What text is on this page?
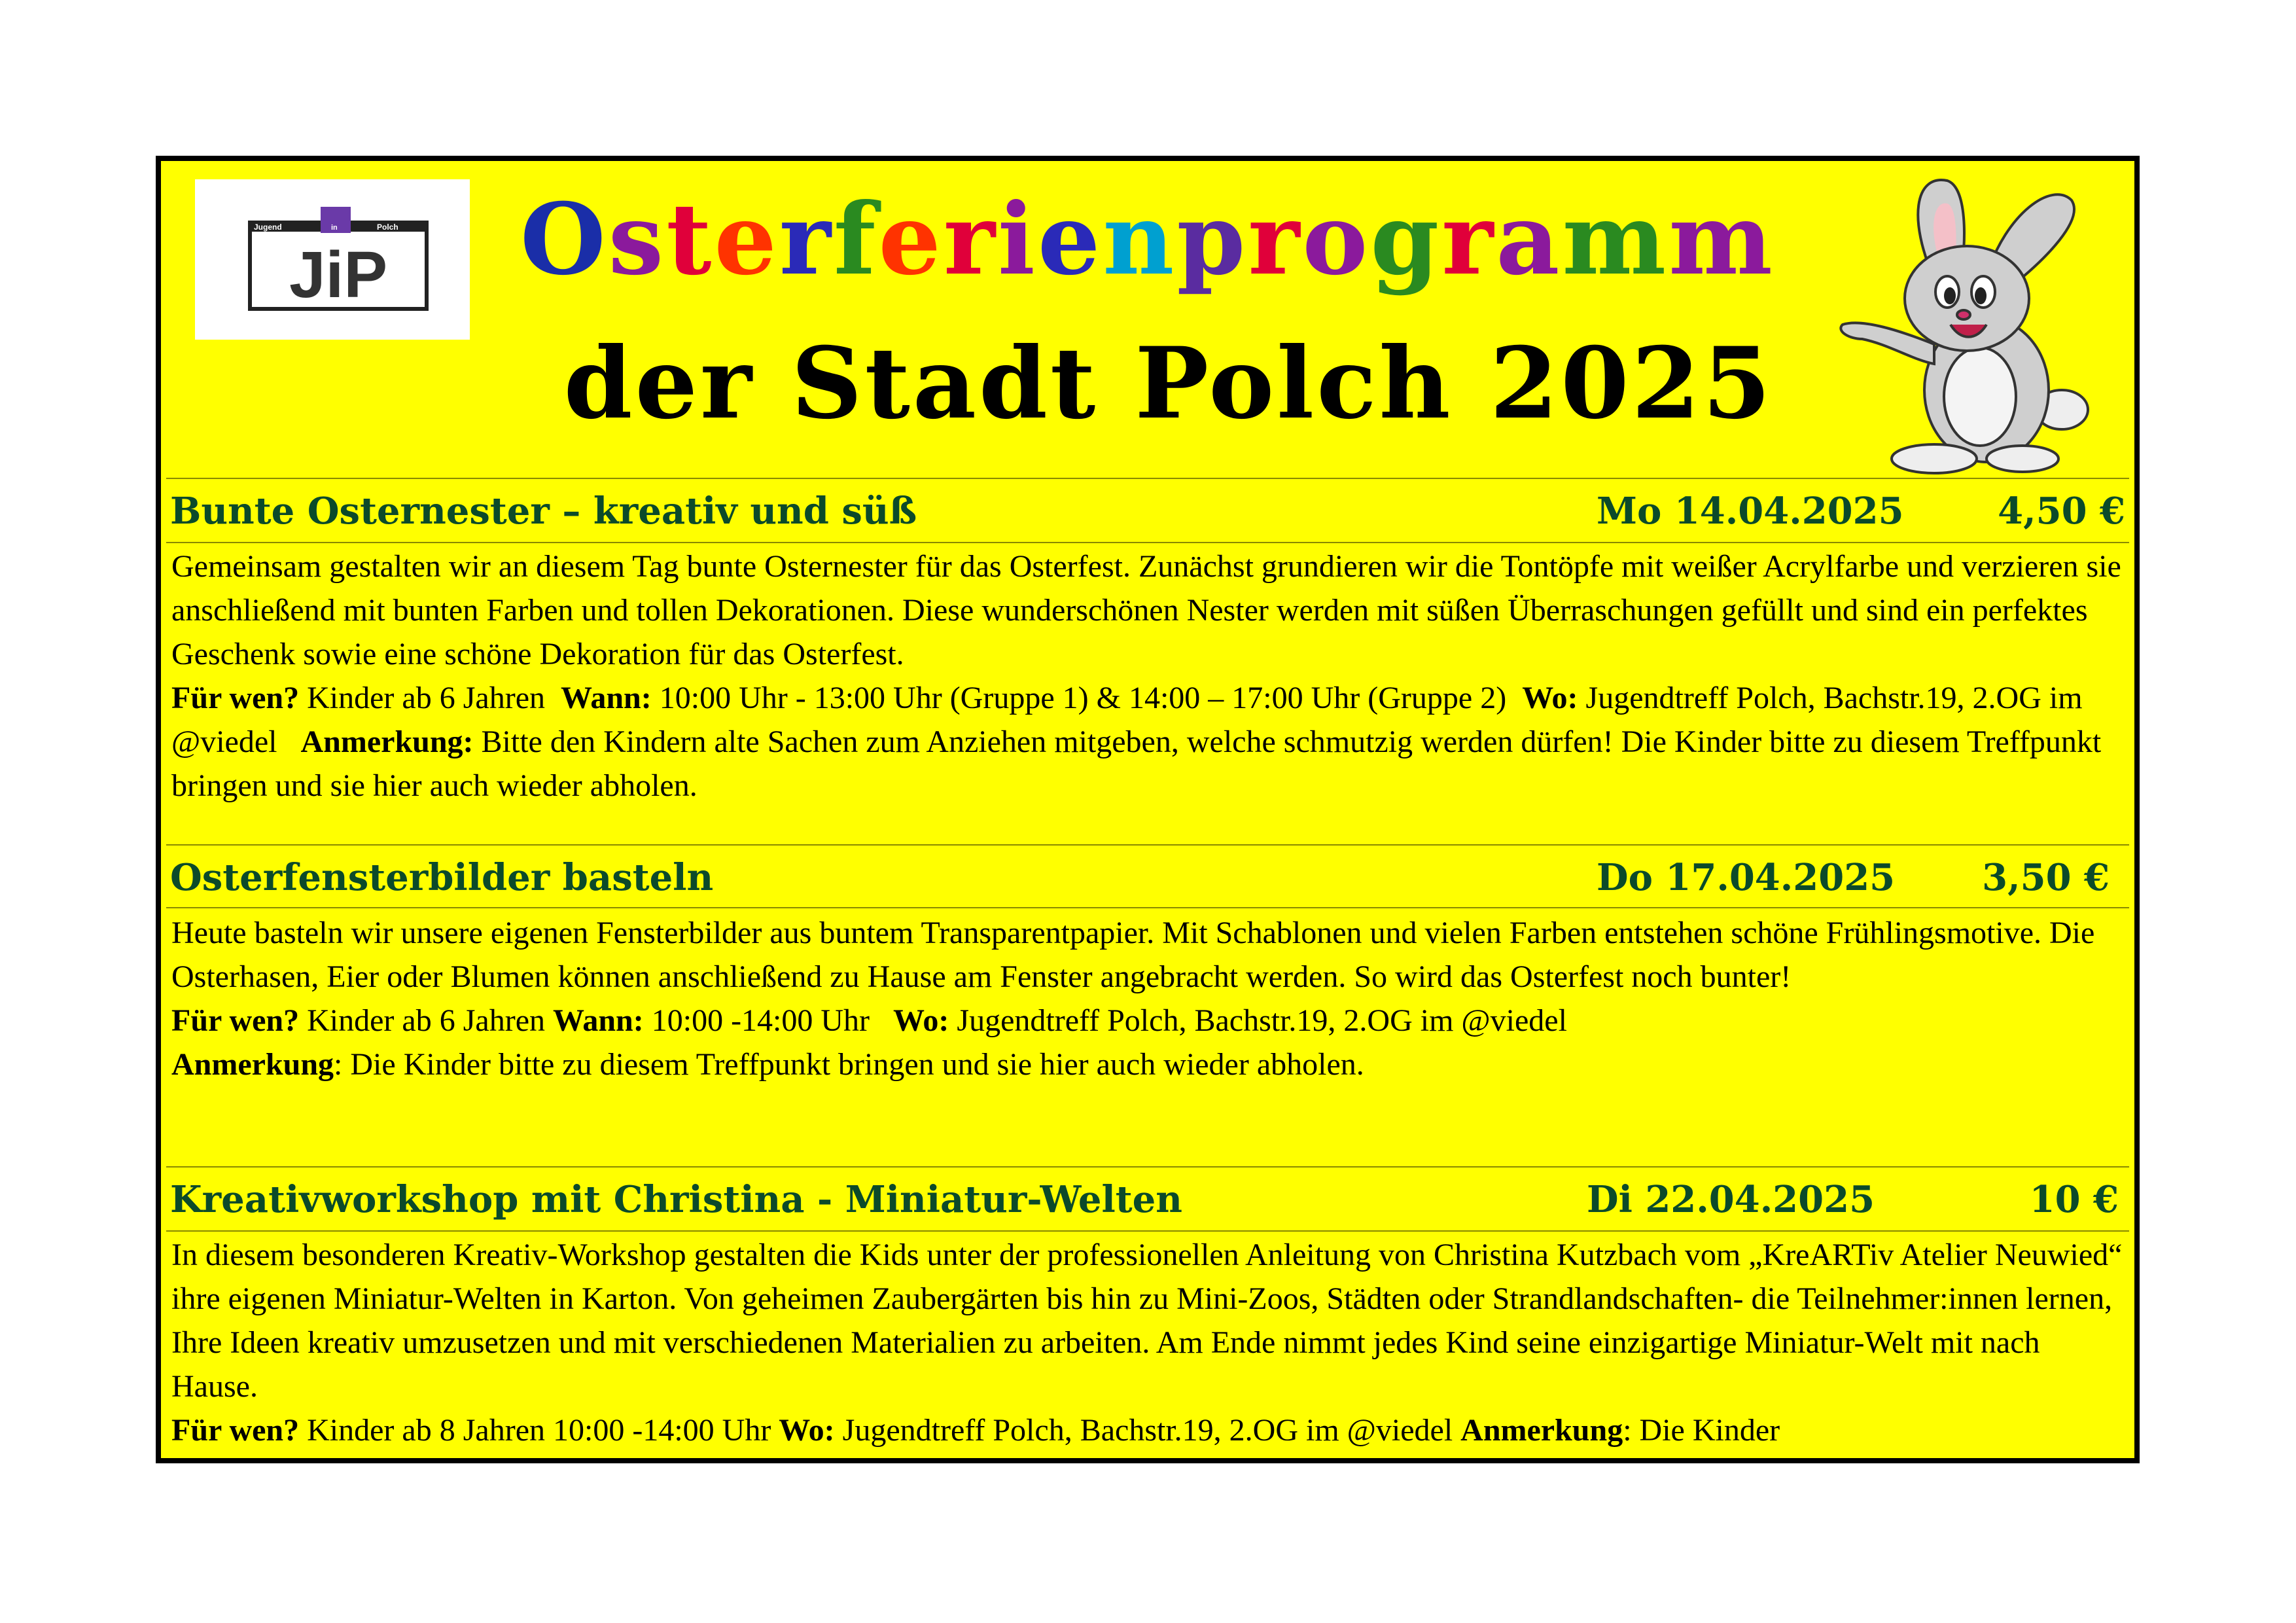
Jugend	in	Polch
JiP	Osterferienprogramm
der Stadt Polch 2025
Bunte Osternester – kreativ und süß	Mo 14.04.2025	4,50 €

Gemeinsam gestalten wir an diesem Tag bunte Osternester für das Osterfest. Zunächst grundieren wir die Tontöpfe mit weißer Acrylfarbe und verzieren sie anschließend mit bunten Farben und tollen Dekorationen. Diese wunderschönen Nester werden mit süßen Überraschungen gefüllt und sind ein perfektes Geschenk sowie eine schöne Dekoration für das Osterfest.

Für wen? Kinder ab 6 Jahren Wann: 10:00 Uhr - 13:00 Uhr (Gruppe 1) & 14:00 – 17:00 Uhr (Gruppe 2) Wo: Jugendtreff Polch, Bachstr.19, 2.OG im @viedel Anmerkung: Bitte den Kindern alte Sachen zum Anziehen mitgeben, welche schmutzig werden dürfen! Die Kinder bitte zu diesem Treffpunkt bringen und sie hier auch wieder abholen.

Osterfensterbilder basteln	Do 17.04.2025 3,50 €

Heute basteln wir unsere eigenen Fensterbilder aus buntem Transparentpapier. Mit Schablonen und vielen Farben entstehen schöne Frühlingsmotive. Die Osterhasen, Eier oder Blumen können anschließend zu Hause am Fenster angebracht werden. So wird das Osterfest noch bunter!

Für wen? Kinder ab 6 Jahren Wann: 10:00 -14:00 Uhr Wo: Jugendtreff Polch, Bachstr.19, 2.OG im @viedel
Anmerkung: Die Kinder bitte zu diesem Treffpunkt bringen und sie hier auch wieder abholen.

Kreativworkshop mit Christina - Miniatur-Welten	Di 22.04.2025	10 €

In diesem besonderen Kreativ-Workshop gestalten die Kids unter der professionellen Anleitung von Christina Kutzbach vom „KreARTiv Atelier Neuwied“ ihre eigenen Miniatur-Welten in Karton. Von geheimen Zaubergärten bis hin zu Mini-Zoos, Städten oder Strandlandschaften- die Teilnehmer:innen lernen, Ihre Ideen kreativ umzusetzen und mit verschiedenen Materialien zu arbeiten. Am Ende nimmt jedes Kind seine einzigartige Miniatur-Welt mit nach Hause.

Für wen? Kinder ab 8 Jahren 10:00 -14:00 Uhr Wo: Jugendtreff Polch, Bachstr.19, 2.OG im @viedel Anmerkung: Die Kinder
